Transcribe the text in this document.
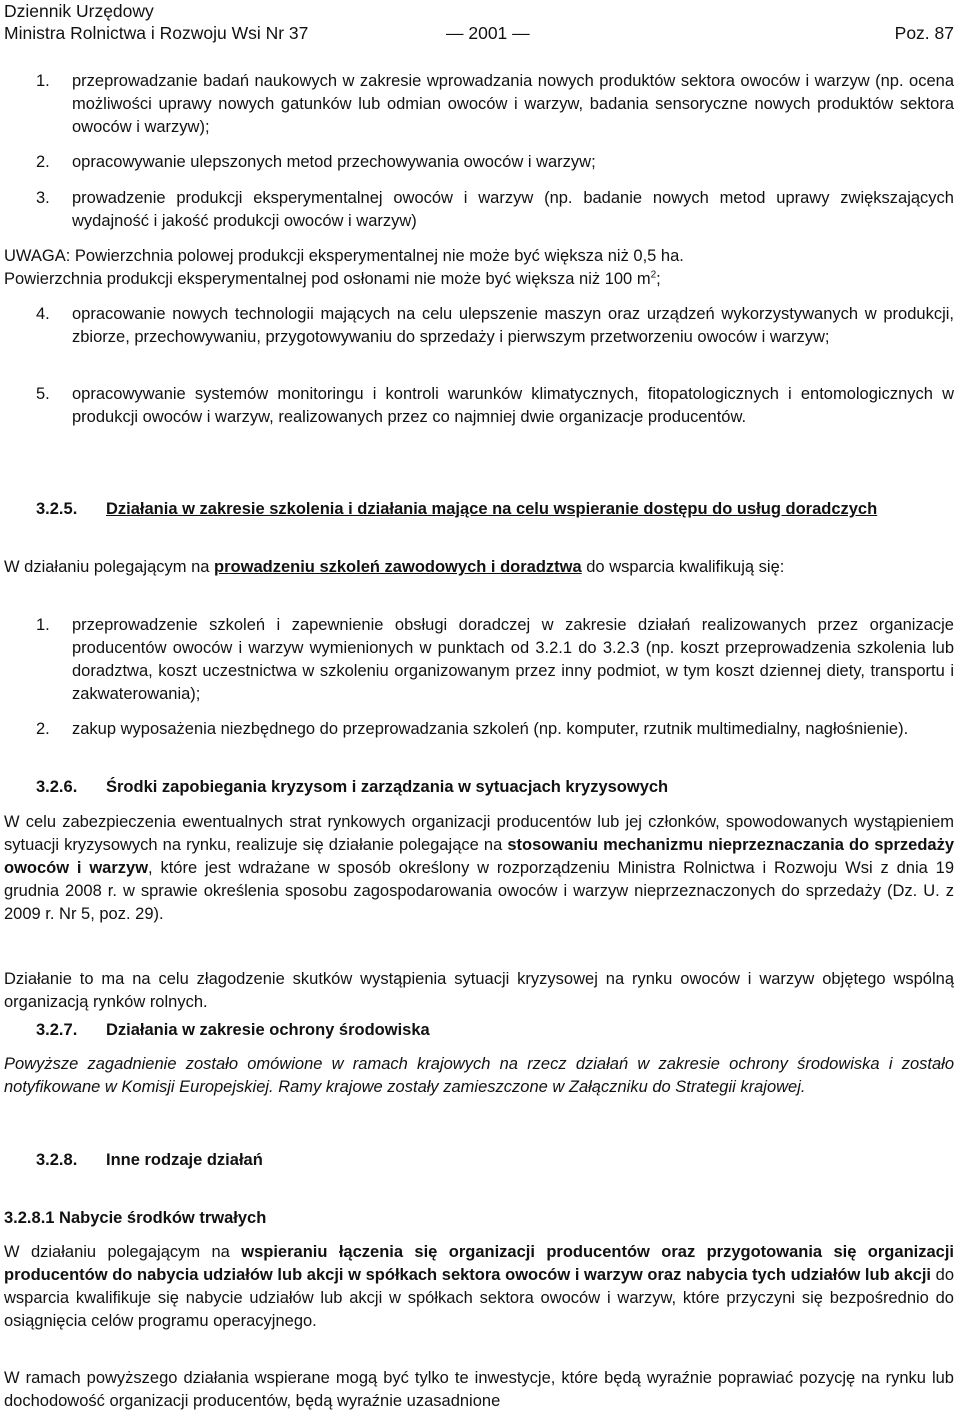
Dziennik Urzędowy
Ministra Rolnictwa i Rozwoju Wsi Nr 37	— 2001 —	Poz. 87
1.	przeprowadzanie badań naukowych w zakresie wprowadzania nowych produktów sektora owoców i warzyw (np. ocena możliwości uprawy nowych gatunków lub odmian owoców i warzyw, badania sensoryczne nowych produktów sektora owoców i warzyw);
2.	opracowywanie ulepszonych metod przechowywania owoców i warzyw;
3.	prowadzenie produkcji eksperymentalnej owoców i warzyw (np. badanie nowych metod uprawy zwiększających wydajność i jakość produkcji owoców i warzyw)
UWAGA: Powierzchnia polowej produkcji eksperymentalnej nie może być większa niż 0,5 ha.
Powierzchnia produkcji eksperymentalnej pod osłonami nie może być większa niż 100 $m^2$;
4.	opracowanie nowych technologii mających na celu ulepszenie maszyn oraz urządzeń wykorzystywanych w produkcji, zbiorze, przechowywaniu, przygotowywaniu do sprzedaży i pierwszym przetworzeniu owoców i warzyw;
5.	opracowywanie systemów monitoringu i kontroli warunków klimatycznych, fitopatologicznych i entomologicznych w produkcji owoców i warzyw, realizowanych przez co najmniej dwie organizacje producentów.
3.2.5. Działania w zakresie szkolenia i działania mające na celu wspieranie dostępu do usług doradczych
W działaniu polegającym na prowadzeniu szkoleń zawodowych i doradztwa do wsparcia kwalifikują się:
1.	przeprowadzenie szkoleń i zapewnienie obsługi doradczej w zakresie działań realizowanych przez organizacje producentów owoców i warzyw wymienionych w punktach od 3.2.1 do 3.2.3 (np. koszt przeprowadzenia szkolenia lub doradztwa, koszt uczestnictwa w szkoleniu organizowanym przez inny podmiot, w tym koszt dziennej diety, transportu i zakwaterowania);
2.	zakup wyposażenia niezbędnego do przeprowadzania szkoleń (np. komputer, rzutnik multimedialny, nagłośnienie).
3.2.6. Środki zapobiegania kryzysom i zarządzania w sytuacjach kryzysowych
W celu zabezpieczenia ewentualnych strat rynkowych organizacji producentów lub jej członków, spowodowanych wystąpieniem sytuacji kryzysowych na rynku, realizuje się działanie polegające na stosowaniu mechanizmu nieprzeznaczania do sprzedaży owoców i warzyw, które jest wdrażane w sposób określony w rozporządzeniu Ministra Rolnictwa i Rozwoju Wsi z dnia 19 grudnia 2008 r. w sprawie określenia sposobu zagospodarowania owoców i warzyw nieprzeznaczonych do sprzedaży (Dz. U. z 2009 r. Nr 5, poz. 29).
Działanie to ma na celu złagodzenie skutków wystąpienia sytuacji kryzysowej na rynku owoców i warzyw objętego wspólną organizacją rynków rolnych.
3.2.7. Działania w zakresie ochrony środowiska
Powyższe zagadnienie zostało omówione w ramach krajowych na rzecz działań w zakresie ochrony środowiska i zostało notyfikowane w Komisji Europejskiej. Ramy krajowe zostały zamieszczone w Załączniku do Strategii krajowej.
3.2.8. Inne rodzaje działań
3.2.8.1 Nabycie środków trwałych
W działaniu polegającym na wspieraniu łączenia się organizacji producentów oraz przygotowania się organizacji producentów do nabycia udziałów lub akcji w spółkach sektora owoców i warzyw oraz nabycia tych udziałów lub akcji do wsparcia kwalifikuje się nabycie udziałów lub akcji w spółkach sektora owoców i warzyw, które przyczyni się bezpośrednio do osiągnięcia celów programu operacyjnego.
W ramach powyższego działania wspierane mogą być tylko te inwestycje, które będą wyraźnie poprawiać pozycję na rynku lub dochodowość organizacji producentów, będą wyraźnie uzasadnione
